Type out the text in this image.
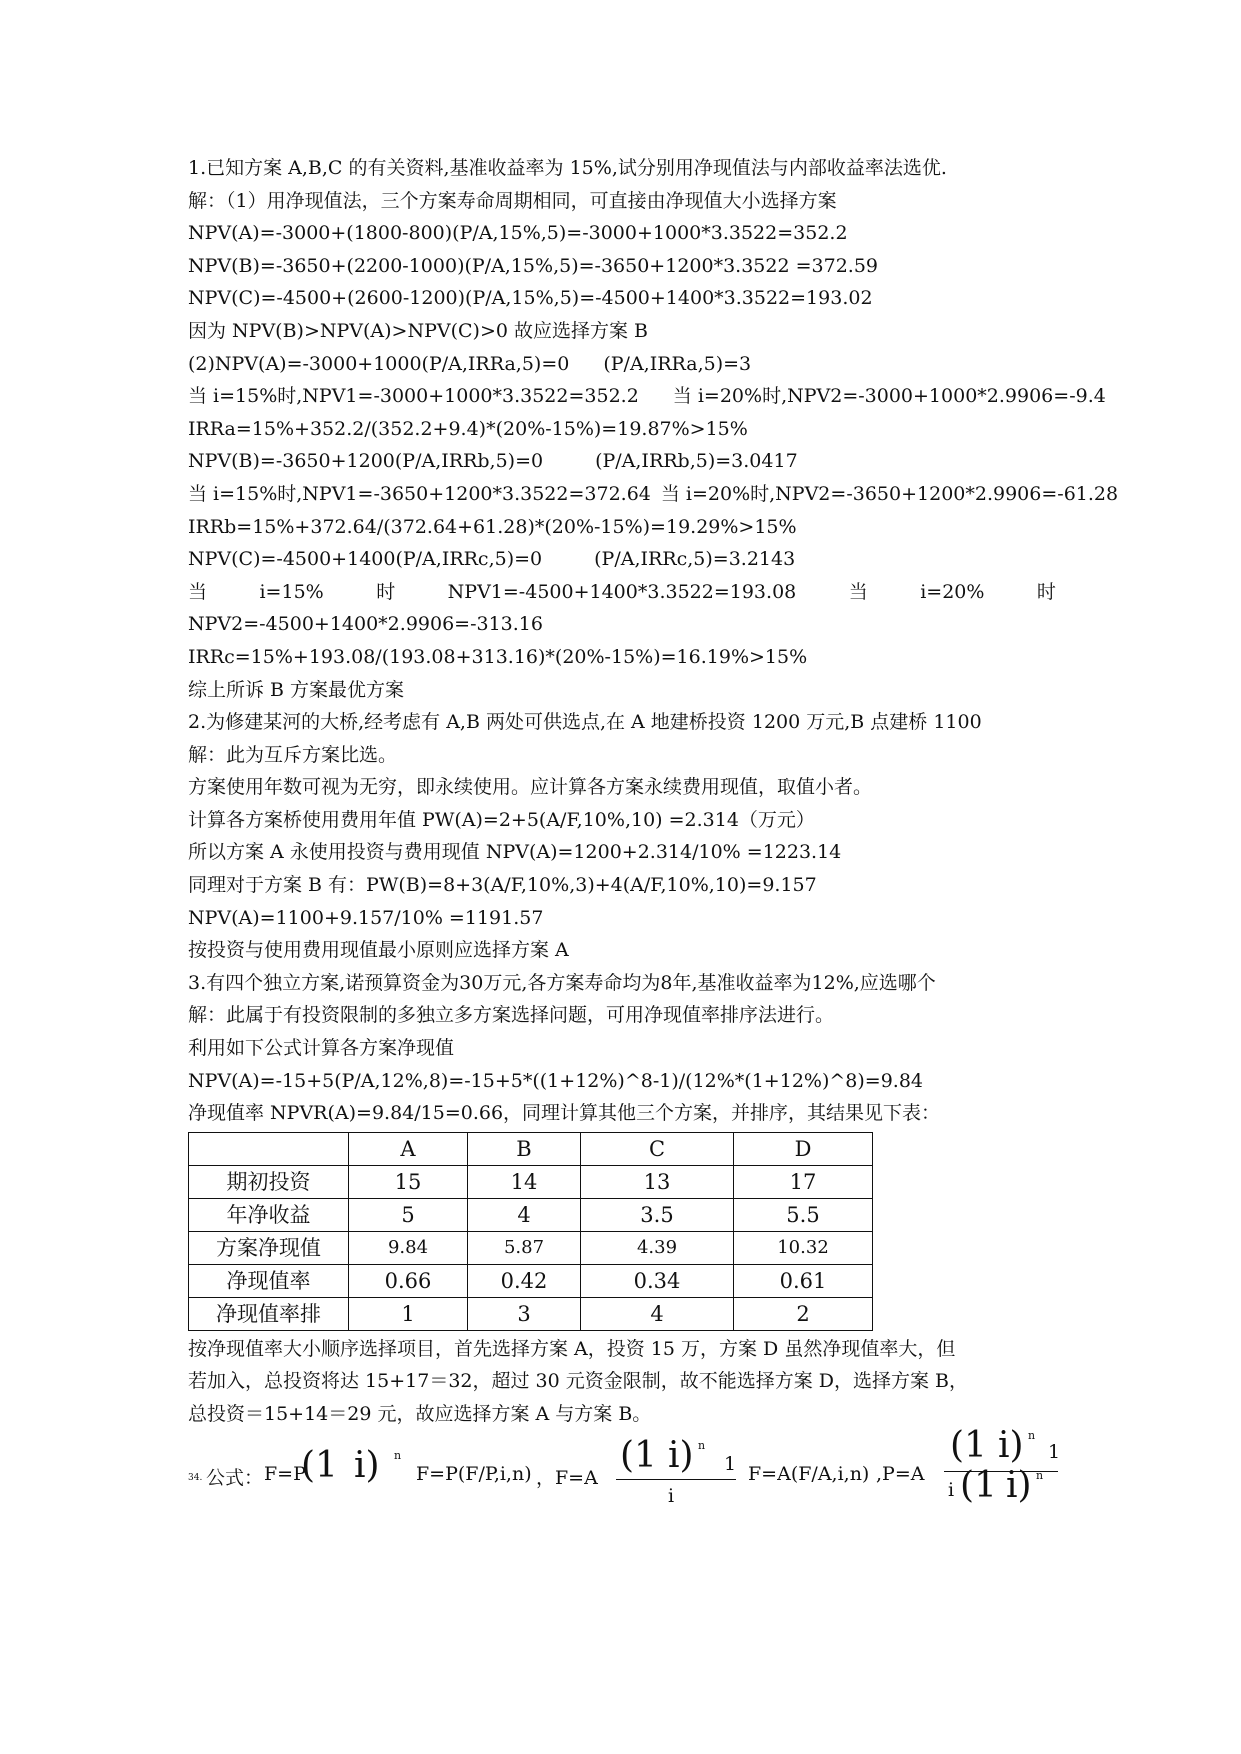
1.已知方案 A,B,C 的有关资料,基准收益率为 15%,试分别用净现值法与内部收益率法选优.
解：（1）用净现值法，三个方案寿命周期相同，可直接由净现值大小选择方案
NPV(A)=-3000+(1800-800)(P/A,15%,5)=-3000+1000*3.3522=352.2
NPV(B)=-3650+(2200-1000)(P/A,15%,5)=-3650+1200*3.3522 =372.59
NPV(C)=-4500+(2600-1200)(P/A,15%,5)=-4500+1400*3.3522=193.02
因为 NPV(B)>NPV(A)>NPV(C)>0 故应选择方案 B
(2)NPV(A)=-3000+1000(P/A,IRRa,5)=0 (P/A,IRRa,5)=3
当 i=15%时,NPV1=-3000+1000*3.3522=352.2 当 i=20%时,NPV2=-3000+1000*2.9906=-9.4
IRRa=15%+352.2/(352.2+9.4)*(20%-15%)=19.87%>15%
NPV(B)=-3650+1200(P/A,IRRb,5)=0	(P/A,IRRb,5)=3.0417
当 i=15%时,NPV1=-3650+1200*3.3522=372.64 当 i=20%时,NPV2=-3650+1200*2.9906=-61.28
IRRb=15%+372.64/(372.64+61.28)*(20%-15%)=19.29%>15%
NPV(C)=-4500+1400(P/A,IRRc,5)=0	(P/A,IRRc,5)=3.2143
当	i=15%	时	NPV1=-4500+1400*3.3522=193.08	当	i=20%	时
NPV2=-4500+1400*2.9906=-313.16
IRRc=15%+193.08/(193.08+313.16)*(20%-15%)=16.19%>15%
综上所诉 B 方案最优方案
2.为修建某河的大桥,经考虑有 A,B 两处可供选点,在 A 地建桥投资 1200 万元,B 点建桥 1100
解：此为互斥方案比选。
方案使用年数可视为无穷，即永续使用。应计算各方案永续费用现值，取值小者。
计算各方案桥使用费用年值 PW(A)=2+5(A/F,10%,10) =2.314（万元）
所以方案 A 永使用投资与费用现值 NPV(A)=1200+2.314/10% =1223.14
同理对于方案 B 有：PW(B)=8+3(A/F,10%,3)+4(A/F,10%,10)=9.157
NPV(A)=1100+9.157/10% =1191.57
按投资与使用费用现值最小原则应选择方案 A
3.有四个独立方案,诺预算资金为30万元,各方案寿命均为8年,基准收益率为12%,应选哪个
解：此属于有投资限制的多独立多方案选择问题，可用净现值率排序法进行。
利用如下公式计算各方案净现值
NPV(A)=-15+5(P/A,12%,8)=-15+5*((1+12%)^8-1)/(12%*(1+12%)^8)=9.84
净现值率 NPVR(A)=9.84/15=0.66，同理计算其他三个方案，并排序，其结果见下表：
	A	B	C	D
期初投资	15	14	13	17
年净收益	5	4	3.5	5.5
方案净现值	9.84	5.87	4.39	10.32
净现值率	0.66	0.42	0.34	0.61
净现值率排	1	3	4	2
按净现值率大小顺序选择项目，首先选择方案 A，投资 15 万，方案 D 虽然净现值率大，但
若加入，总投资将达 15+17＝32，超过 30 元资金限制，故不能选择方案 D，选择方案 B，
总投资＝15+14＝29 元，故应选择方案 A 与方案 B。
34. 公式： F=P
(1 i) n
F=P(F/P,i,n) ，F=A
(1 i) n
1
i
F=A(F/A,i,n) ,P=A
(1 i) n
1
i (1 i) n
